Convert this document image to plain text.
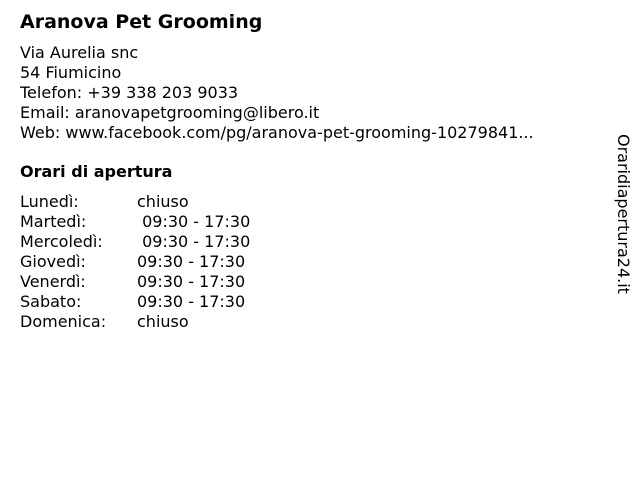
Aranova Pet Grooming
Via Aurelia snc
54 Fiumicino
Telefon: +39 338 203 9033
Email: aranovapetgrooming@libero.it
Web: www.facebook.com/pg/aranova-pet-grooming-10279841...
Orari di apertura
Lunedì:	chiuso
Martedì:	09:30 - 17:30
Mercoledì:	09:30 - 17:30
Giovedì:	09:30 - 17:30
Venerdì:	09:30 - 17:30
Sabato:	09:30 - 17:30
Domenica:	chiuso
Oraridiapertura24.it
